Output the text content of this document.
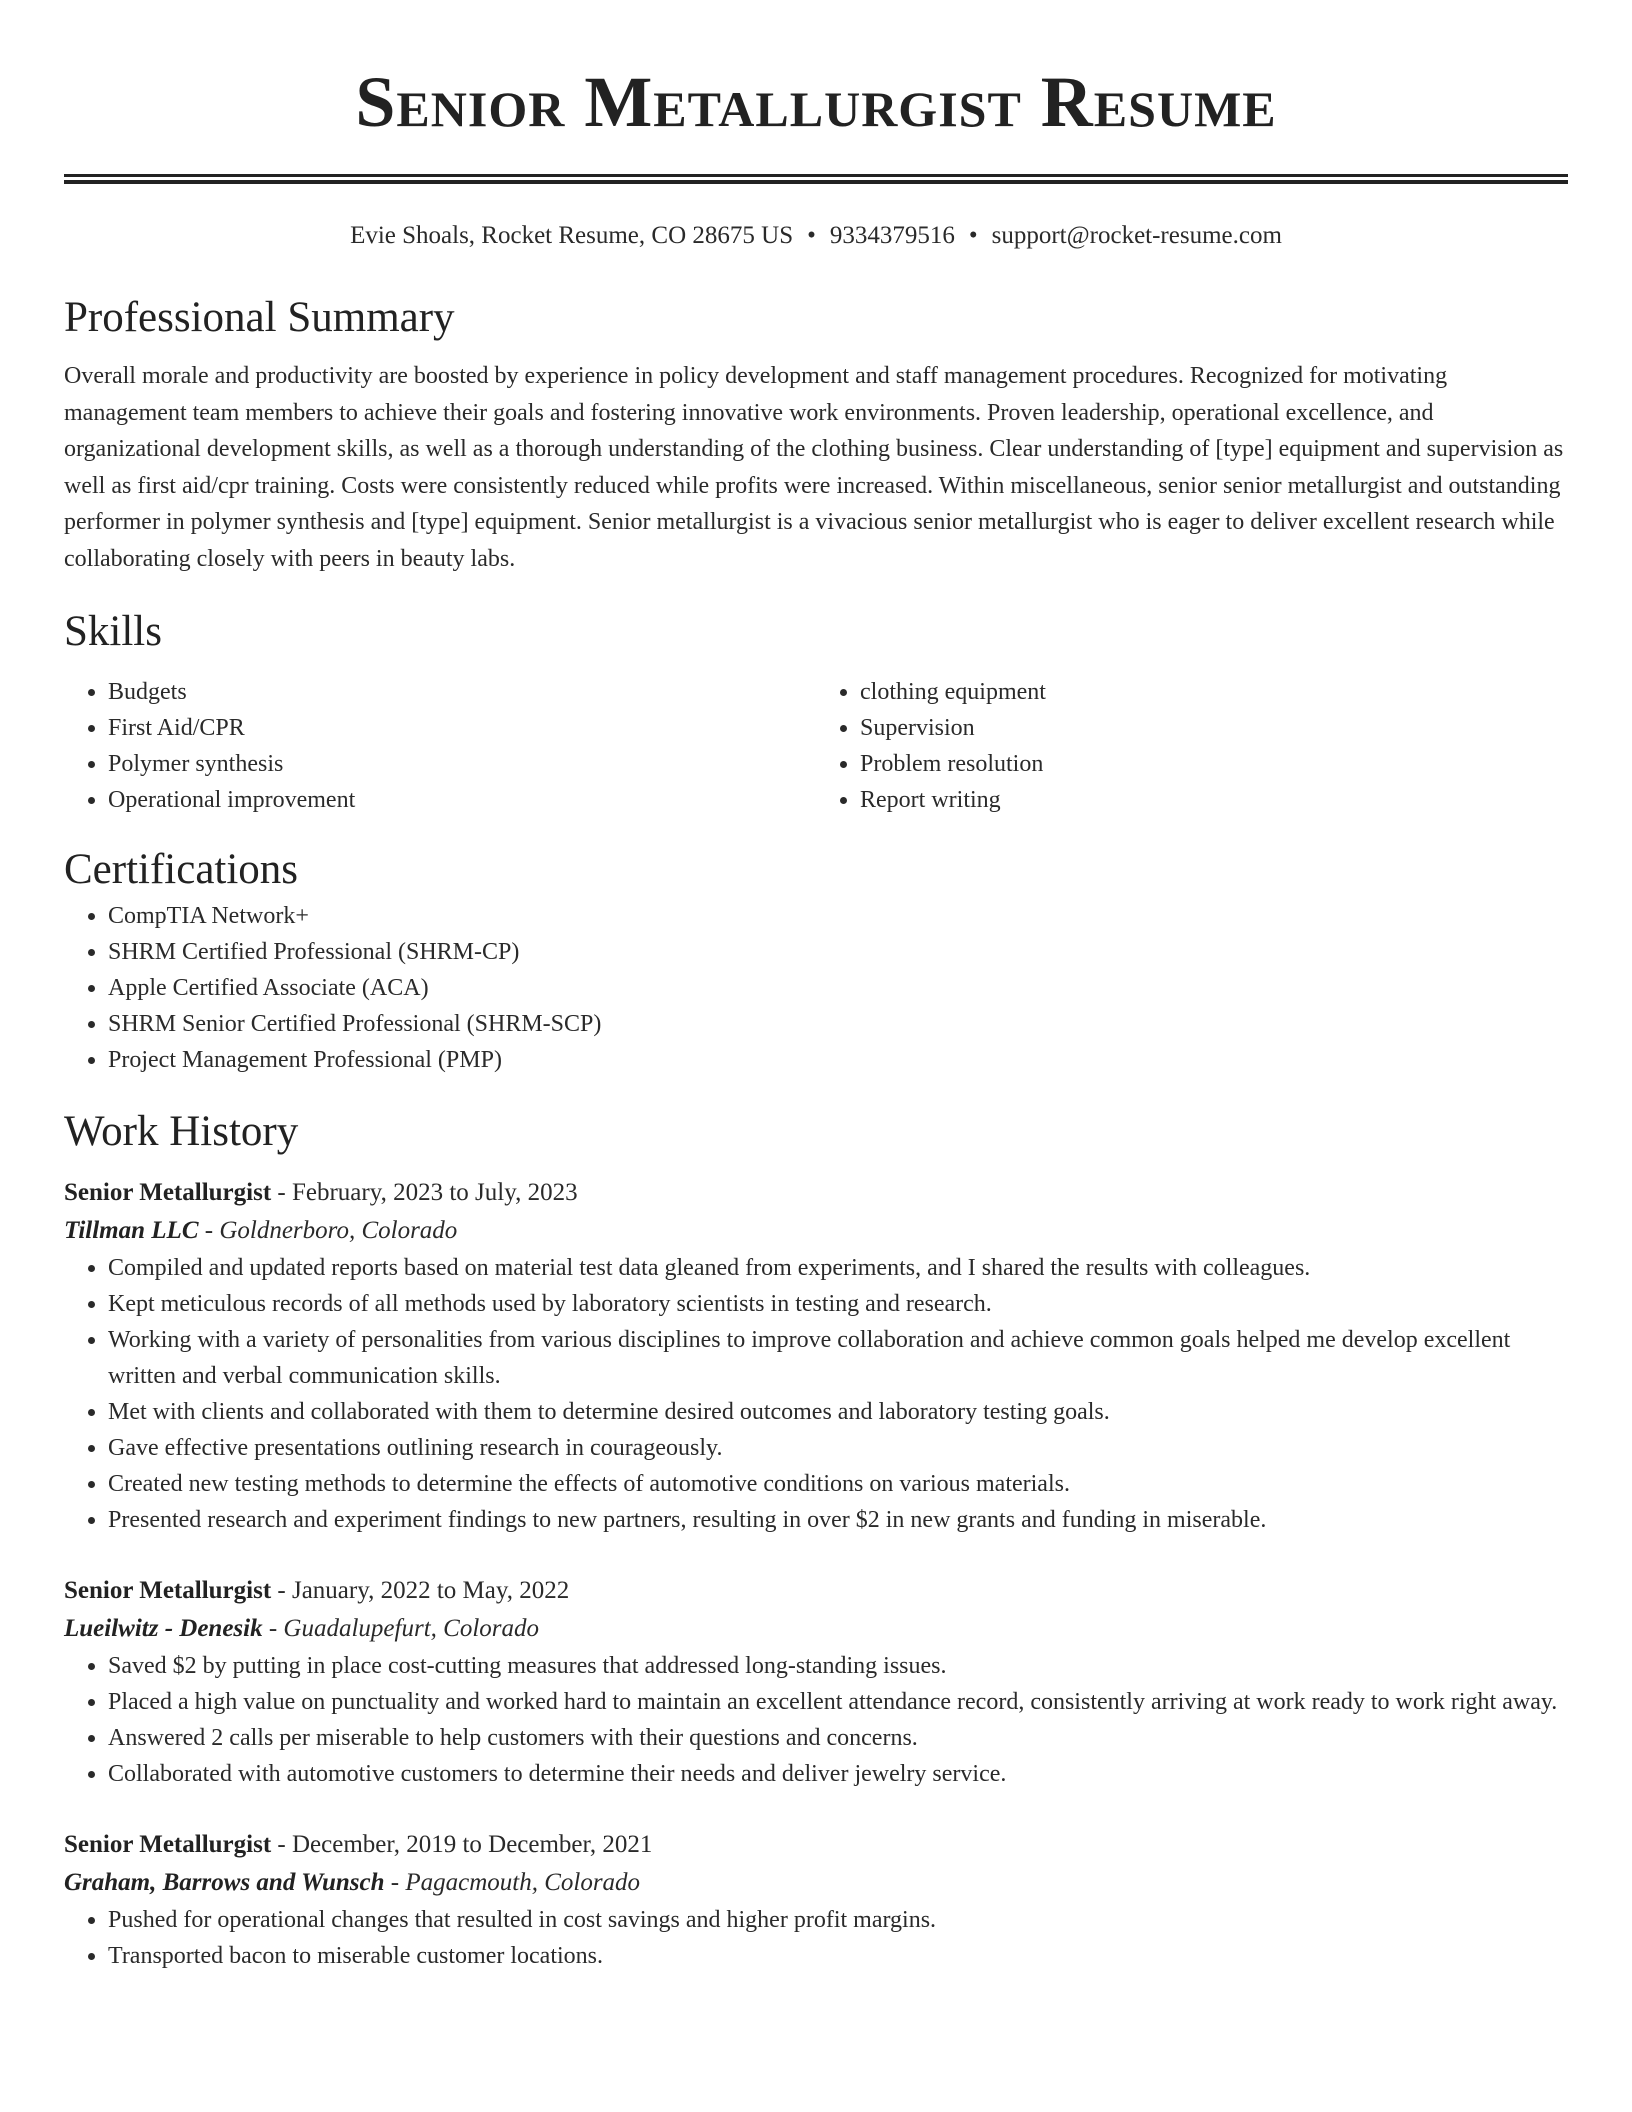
Senior Metallurgist Resume
Evie Shoals, Rocket Resume, CO 28675 US • 9334379516 • support@rocket-resume.com
Professional Summary

Overall morale and productivity are boosted by experience in policy development and staff management procedures. Recognized for motivating management team members to achieve their goals and fostering innovative work environments. Proven leadership, operational excellence, and organizational development skills, as well as a thorough understanding of the clothing business. Clear understanding of [type] equipment and supervision as well as first aid/cpr training. Costs were consistently reduced while profits were increased. Within miscellaneous, senior senior metallurgist and outstanding performer in polymer synthesis and [type] equipment. Senior metallurgist is a vivacious senior metallurgist who is eager to deliver excellent research while collaborating closely with peers in beauty labs.

Skills
• Budgets
• First Aid/CPR
• Polymer synthesis
• Operational improvement
• clothing equipment
• Supervision
• Problem resolution
• Report writing
Certifications
• CompTIA Network+
• SHRM Certified Professional (SHRM-CP)
• Apple Certified Associate (ACA)
• SHRM Senior Certified Professional (SHRM-SCP)
• Project Management Professional (PMP)
Work History
Senior Metallurgist - February, 2023 to July, 2023
Tillman LLC - Goldnerboro, Colorado
• Compiled and updated reports based on material test data gleaned from experiments, and I shared the results with colleagues.
• Kept meticulous records of all methods used by laboratory scientists in testing and research.
• Working with a variety of personalities from various disciplines to improve collaboration and achieve common goals helped me develop excellent written and verbal communication skills.
• Met with clients and collaborated with them to determine desired outcomes and laboratory testing goals.
• Gave effective presentations outlining research in courageously.
• Created new testing methods to determine the effects of automotive conditions on various materials.
• Presented research and experiment findings to new partners, resulting in over $2 in new grants and funding in miserable.
Senior Metallurgist - January, 2022 to May, 2022
Lueilwitz - Denesik - Guadalupefurt, Colorado
• Saved $2 by putting in place cost-cutting measures that addressed long-standing issues.
• Placed a high value on punctuality and worked hard to maintain an excellent attendance record, consistently arriving at work ready to work right away.
• Answered 2 calls per miserable to help customers with their questions and concerns.
• Collaborated with automotive customers to determine their needs and deliver jewelry service.
Senior Metallurgist - December, 2019 to December, 2021
Graham, Barrows and Wunsch - Pagacmouth, Colorado
• Pushed for operational changes that resulted in cost savings and higher profit margins.
• Transported bacon to miserable customer locations.
